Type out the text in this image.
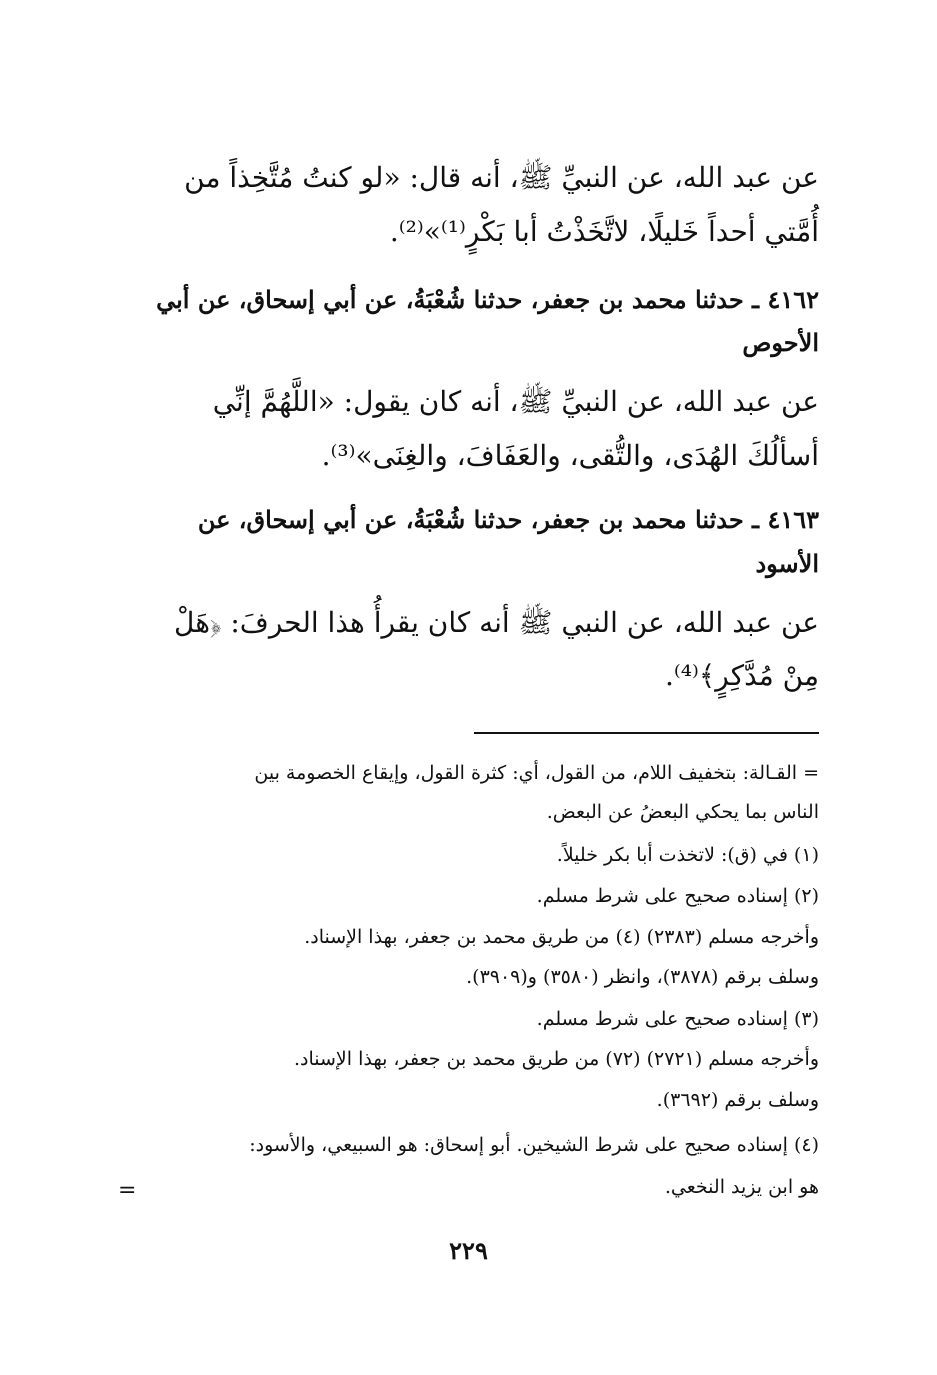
عن عبد الله، عن النبيِّ ﷺ، أنه قال: «لو كنتُ مُتَّخِذاً من
أُمَّتي أحداً خَليلًا، لاتَّخَذْتُ أبا بَكْرٍ⁽¹⁾»⁽²⁾.
٤١٦٢ ـ حدثنا محمد بن جعفر، حدثنا شُعْبَةُ، عن أبي إسحاق، عن أبي
الأحوص
عن عبد الله، عن النبيِّ ﷺ، أنه كان يقول: «اللَّهُمَّ إنِّي
أسألُكَ الهُدَى، والتُّقى، والعَفَافَ، والغِنَى»⁽³⁾.
٤١٦٣ ـ حدثنا محمد بن جعفر، حدثنا شُعْبَةُ، عن أبي إسحاق، عن
الأسود
عن عبد الله، عن النبي ﷺ أنه كان يقرأُ هذا الحرفَ: ﴿هَلْ
مِنْ مُدَّكِرٍ﴾⁽⁴⁾.
= القـالة: بتخفيف اللام، من القول، أي: كثرة القول، وإيقاع الخصومة بين
الناس بما يحكي البعضُ عن البعض.
(١) في (ق): لاتخذت أبا بكر خليلاً.
(٢) إسناده صحيح على شرط مسلم.
وأخرجه مسلم (٢٣٨٣) (٤) من طريق محمد بن جعفر، بهذا الإسناد.
وسلف برقم (٣٨٧٨)، وانظر (٣٥٨٠) و(٣٩٠٩).
(٣) إسناده صحيح على شرط مسلم.
وأخرجه مسلم (٢٧٢١) (٧٢) من طريق محمد بن جعفر، بهذا الإسناد.
وسلف برقم (٣٦٩٢).
(٤) إسناده صحيح على شرط الشيخين. أبو إسحاق: هو السبيعي، والأسود:
هو ابن يزيد النخعي.
=
٢٢٩
